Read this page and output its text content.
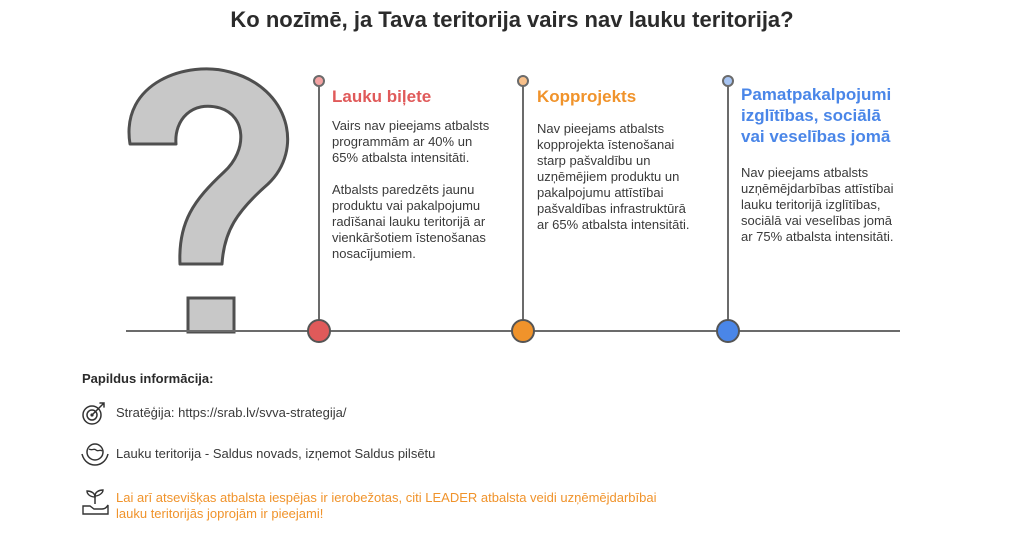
Ko nozīmē, ja Tava teritorija vairs nav lauku teritorija?
Lauku biļete
Vairs nav pieejams atbalsts
programmām ar 40% un
65% atbalsta intensitāti.

Atbalsts paredzēts jaunu
produktu vai pakalpojumu
radīšanai lauku teritorijā ar
vienkāršotiem īstenošanas
nosacījumiem.
Kopprojekts
Nav pieejams atbalsts
kopprojekta īstenošanai
starp pašvaldību un
uzņēmējiem produktu un
pakalpojumu attīstībai
pašvaldības infrastruktūrā
ar 65% atbalsta intensitāti.
Pamatpakalpojumi
izglītības, sociālā
vai veselības jomā
Nav pieejams atbalsts
uzņēmējdarbības attīstībai
lauku teritorijā izglītības,
sociālā vai veselības jomā
ar 75% atbalsta intensitāti.
Papildus informācija:
Stratēģija: https://srab.lv/svva-strategija/
Lauku teritorija - Saldus novads, izņemot Saldus pilsētu
Lai arī atsevišķas atbalsta iespējas ir ierobežotas, citi LEADER atbalsta veidi uzņēmējdarbībai
lauku teritorijās joprojām ir pieejami!
